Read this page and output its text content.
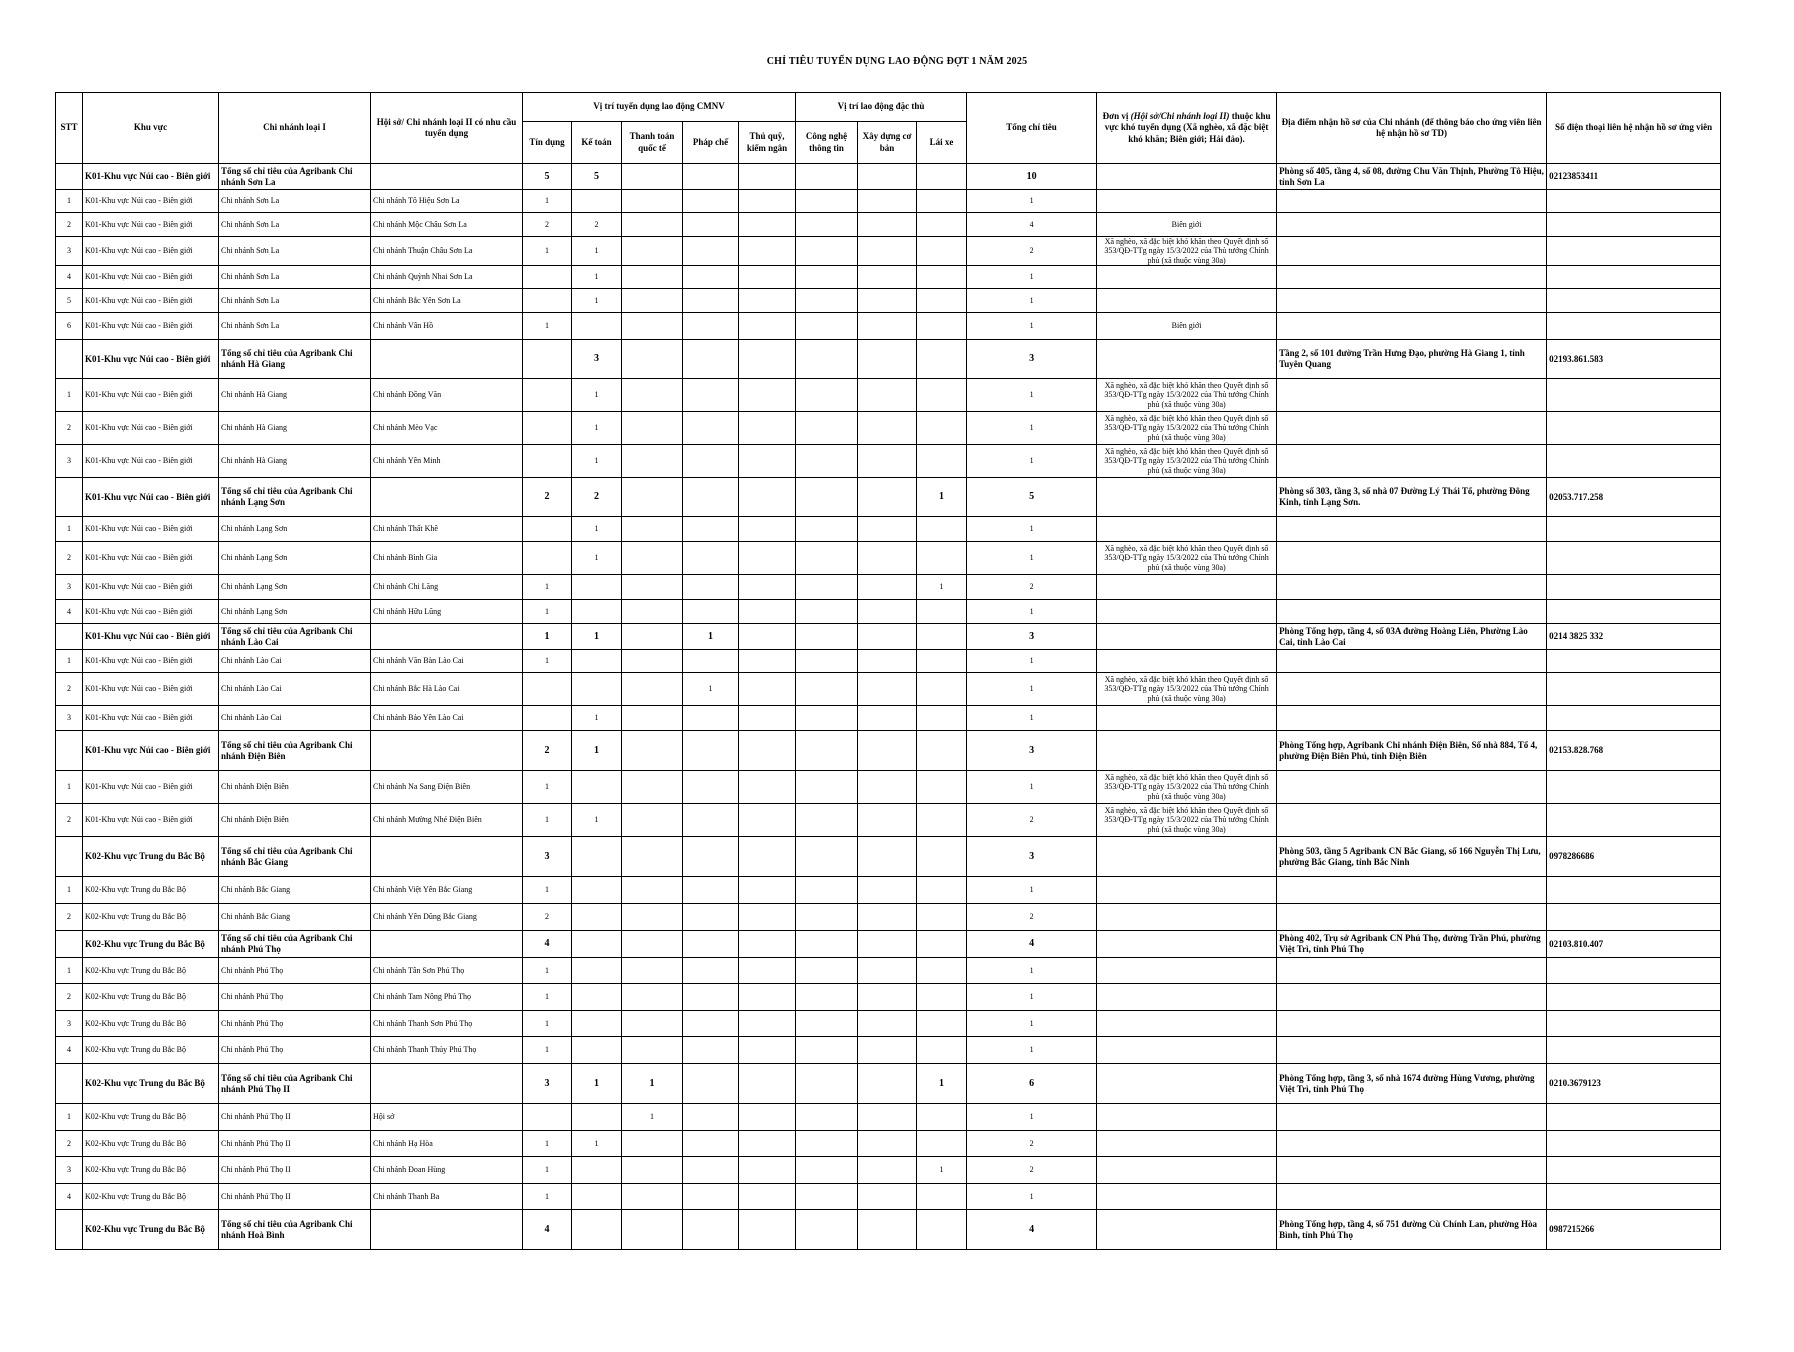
CHỈ TIÊU TUYỂN DỤNG LAO ĐỘNG ĐỢT 1 NĂM 2025
STT	Khu vực	Chi nhánh loại I	Hội sở/ Chi nhánh loại II có nhu cầu tuyển dụng	Vị trí tuyển dụng lao động CMNV					Vị trí lao động đặc thù			Tổng chỉ tiêu	Đơn vị (Hội sở/Chi nhánh loại II) thuộc khu vực khó tuyển dụng (Xã nghèo, xã đặc biệt khó khăn; Biên giới; Hải đảo).	Địa điểm nhận hồ sơ của Chi nhánh (để thông báo cho ứng viên liên hệ nhận hồ sơ TD)	Số điện thoại liên hệ nhận hồ sơ ứng viên
				Tín dụng	Kế toán	Thanh toán quốc tế	Pháp chế	Thủ quỹ, kiểm ngân	Công nghệ thông tin	Xây dựng cơ bản	Lái xe				
	K01-Khu vực Núi cao - Biên giới	Tổng số chỉ tiêu của Agribank Chi nhánh Sơn La		5	5							10		Phòng số 405, tầng 4, số 08, đường Chu Văn Thịnh, Phường Tô Hiệu, tỉnh Sơn La	02123853411
1	K01-Khu vực Núi cao - Biên giới	Chi nhánh Sơn La	Chi nhánh Tô Hiệu Sơn La	1								1			
2	K01-Khu vực Núi cao - Biên giới	Chi nhánh Sơn La	Chi nhánh Mộc Châu Sơn La	2	2							4	Biên giới		
3	K01-Khu vực Núi cao - Biên giới	Chi nhánh Sơn La	Chi nhánh Thuận Châu Sơn La	1	1							2	Xã nghèo, xã đặc biệt khó khăn theo Quyết định số 353/QĐ-TTg ngày 15/3/2022 của Thủ tướng Chính phủ (xã thuộc vùng 30a)		
4	K01-Khu vực Núi cao - Biên giới	Chi nhánh Sơn La	Chi nhánh Quỳnh Nhai Sơn La		1							1			
5	K01-Khu vực Núi cao - Biên giới	Chi nhánh Sơn La	Chi nhánh Bắc Yên Sơn La		1							1			
6	K01-Khu vực Núi cao - Biên giới	Chi nhánh Sơn La	Chi nhánh Vân Hồ	1								1	Biên giới		
	K01-Khu vực Núi cao - Biên giới	Tổng số chỉ tiêu của Agribank Chi nhánh Hà Giang			3							3		Tầng 2, số 101 đường Trần Hưng Đạo, phường Hà Giang 1, tỉnh Tuyên Quang	02193.861.583
1	K01-Khu vực Núi cao - Biên giới	Chi nhánh Hà Giang	Chi nhánh Đồng Văn		1							1	Xã nghèo, xã đặc biệt khó khăn theo Quyết định số 353/QĐ-TTg ngày 15/3/2022 của Thủ tướng Chính phủ (xã thuộc vùng 30a)		
2	K01-Khu vực Núi cao - Biên giới	Chi nhánh Hà Giang	Chi nhánh Mèo Vạc		1							1	Xã nghèo, xã đặc biệt khó khăn theo Quyết định số 353/QĐ-TTg ngày 15/3/2022 của Thủ tướng Chính phủ (xã thuộc vùng 30a)		
3	K01-Khu vực Núi cao - Biên giới	Chi nhánh Hà Giang	Chi nhánh Yên Minh		1							1	Xã nghèo, xã đặc biệt khó khăn theo Quyết định số 353/QĐ-TTg ngày 15/3/2022 của Thủ tướng Chính phủ (xã thuộc vùng 30a)		
	K01-Khu vực Núi cao - Biên giới	Tổng số chỉ tiêu của Agribank Chi nhánh Lạng Sơn		2	2						1	5		Phòng số 303, tầng 3, số nhà 07 Đường Lý Thái Tổ, phường Đông Kinh, tỉnh Lạng Sơn.	02053.717.258
1	K01-Khu vực Núi cao - Biên giới	Chi nhánh Lạng Sơn	Chi nhánh Thất Khê		1							1			
2	K01-Khu vực Núi cao - Biên giới	Chi nhánh Lạng Sơn	Chi nhánh Bình Gia		1							1	Xã nghèo, xã đặc biệt khó khăn theo Quyết định số 353/QĐ-TTg ngày 15/3/2022 của Thủ tướng Chính phủ (xã thuộc vùng 30a)		
3	K01-Khu vực Núi cao - Biên giới	Chi nhánh Lạng Sơn	Chi nhánh Chi Lăng	1							1	2			
4	K01-Khu vực Núi cao - Biên giới	Chi nhánh Lạng Sơn	Chi nhánh Hữu Lũng	1								1			
	K01-Khu vực Núi cao - Biên giới	Tổng số chỉ tiêu của Agribank Chi nhánh Lào Cai		1	1		1					3		Phòng Tổng hợp, tầng 4, số 03A đường Hoàng Liên, Phường Lào Cai, tỉnh Lào Cai	0214 3825 332
1	K01-Khu vực Núi cao - Biên giới	Chi nhánh Lào Cai	Chi nhánh Văn Bàn Lào Cai	1								1			
2	K01-Khu vực Núi cao - Biên giới	Chi nhánh Lào Cai	Chi nhánh Bắc Hà Lào Cai				1					1	Xã nghèo, xã đặc biệt khó khăn theo Quyết định số 353/QĐ-TTg ngày 15/3/2022 của Thủ tướng Chính phủ (xã thuộc vùng 30a)		
3	K01-Khu vực Núi cao - Biên giới	Chi nhánh Lào Cai	Chi nhánh Bảo Yên Lào Cai		1							1			
	K01-Khu vực Núi cao - Biên giới	Tổng số chỉ tiêu của Agribank Chi nhánh Điện Biên		2	1							3		Phòng Tổng hợp, Agribank Chi nhánh Điện Biên, Số nhà 884, Tổ 4, phường Điện Biên Phủ, tỉnh Điện Biên	02153.828.768
1	K01-Khu vực Núi cao - Biên giới	Chi nhánh Điện Biên	Chi nhánh Na Sang Điện Biên	1								1	Xã nghèo, xã đặc biệt khó khăn theo Quyết định số 353/QĐ-TTg ngày 15/3/2022 của Thủ tướng Chính phủ (xã thuộc vùng 30a)		
2	K01-Khu vực Núi cao - Biên giới	Chi nhánh Điện Biên	Chi nhánh Mường Nhé Điện Biên	1	1							2	Xã nghèo, xã đặc biệt khó khăn theo Quyết định số 353/QĐ-TTg ngày 15/3/2022 của Thủ tướng Chính phủ (xã thuộc vùng 30a)		
	K02-Khu vực Trung du Bắc Bộ	Tổng số chỉ tiêu của Agribank Chi nhánh Bắc Giang		3								3		Phòng 503, tầng 5 Agribank CN Bắc Giang, số 166 Nguyễn Thị Lưu, phường Bắc Giang, tỉnh Bắc Ninh	0978286686
1	K02-Khu vực Trung du Bắc Bộ	Chi nhánh Bắc Giang	Chi nhánh Việt Yên Bắc Giang	1								1			
2	K02-Khu vực Trung du Bắc Bộ	Chi nhánh Bắc Giang	Chi nhánh Yên Dũng Bắc Giang	2								2			
	K02-Khu vực Trung du Bắc Bộ	Tổng số chỉ tiêu của Agribank Chi nhánh Phú Thọ		4								4		Phòng 402, Trụ sở Agribank CN Phú Thọ, đường Trần Phú, phường Việt Trì, tỉnh Phú Thọ	02103.810.407
1	K02-Khu vực Trung du Bắc Bộ	Chi nhánh Phú Thọ	Chi nhánh Tân Sơn Phú Thọ	1								1			
2	K02-Khu vực Trung du Bắc Bộ	Chi nhánh Phú Thọ	Chi nhánh Tam Nông Phú Thọ	1								1			
3	K02-Khu vực Trung du Bắc Bộ	Chi nhánh Phú Thọ	Chi nhánh Thanh Sơn Phú Thọ	1								1			
4	K02-Khu vực Trung du Bắc Bộ	Chi nhánh Phú Thọ	Chi nhánh Thanh Thủy Phú Thọ	1								1			
	K02-Khu vực Trung du Bắc Bộ	Tổng số chỉ tiêu của Agribank Chi nhánh Phú Thọ II		3	1	1					1	6		Phòng Tổng hợp, tầng 3, số nhà 1674 đường Hùng Vương, phường Việt Trì, tỉnh Phú Thọ	0210.3679123
1	K02-Khu vực Trung du Bắc Bộ	Chi nhánh Phú Thọ II	Hội sở			1						1			
2	K02-Khu vực Trung du Bắc Bộ	Chi nhánh Phú Thọ II	Chi nhánh Hạ Hòa	1	1							2			
3	K02-Khu vực Trung du Bắc Bộ	Chi nhánh Phú Thọ II	Chi nhánh Đoan Hùng	1							1	2			
4	K02-Khu vực Trung du Bắc Bộ	Chi nhánh Phú Thọ II	Chi nhánh Thanh Ba	1								1			
	K02-Khu vực Trung du Bắc Bộ	Tổng số chỉ tiêu của Agribank Chi nhánh Hoà Bình		4								4		Phòng Tổng hợp, tầng 4, số 751 đường Cù Chính Lan, phường Hòa Bình, tỉnh Phú Thọ	0987215266
